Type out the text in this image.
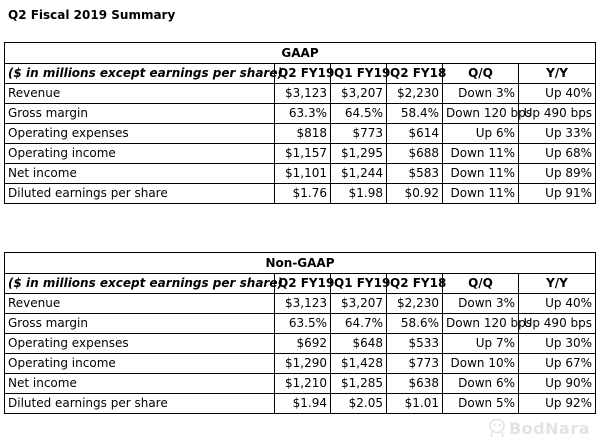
Q2 Fiscal 2019 Summary
GAAP					
($ in millions except earnings per share)	Q2 FY19	Q1 FY19	Q2 FY18	Q/Q	Y/Y
Revenue	$3,123	$3,207	$2,230	Down 3%	Up 40%
Gross margin	63.3%	64.5%	58.4%	Down 120 bps	Up 490 bps
Operating expenses	$818	$773	$614	Up 6%	Up 33%
Operating income	$1,157	$1,295	$688	Down 11%	Up 68%
Net income	$1,101	$1,244	$583	Down 11%	Up 89%
Diluted earnings per share	$1.76	$1.98	$0.92	Down 11%	Up 91%
Non-GAAP					
($ in millions except earnings per share)	Q2 FY19	Q1 FY19	Q2 FY18	Q/Q	Y/Y
Revenue	$3,123	$3,207	$2,230	Down 3%	Up 40%
Gross margin	63.5%	64.7%	58.6%	Down 120 bps	Up 490 bps
Operating expenses	$692	$648	$533	Up 7%	Up 30%
Operating income	$1,290	$1,428	$773	Down 10%	Up 67%
Net income	$1,210	$1,285	$638	Down 6%	Up 90%
Diluted earnings per share	$1.94	$2.05	$1.01	Down 5%	Up 92%
BodNara
